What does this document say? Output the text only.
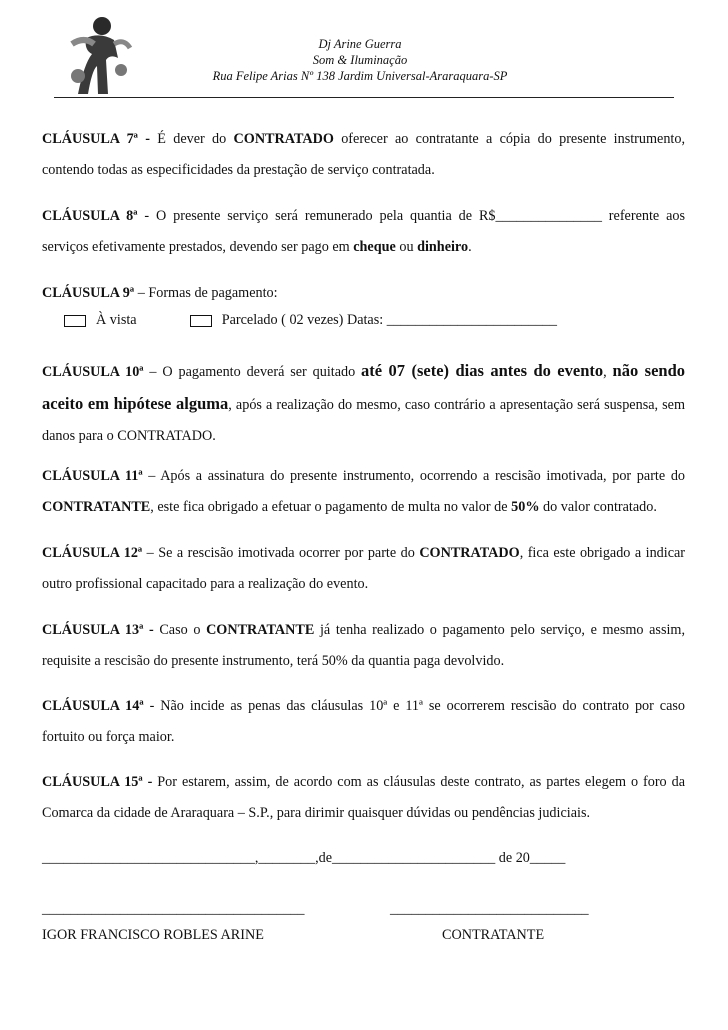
Dj Arine Guerra
Som & Iluminação
Rua Felipe Arias Nº 138 Jardim Universal-Araraquara-SP
CLÁUSULA 7ª - É dever do CONTRATADO oferecer ao contratante a cópia do presente instrumento, contendo todas as especificidades da prestação de serviço contratada.
CLÁUSULA 8ª - O presente serviço será remunerado pela quantia de R$_______________ referente aos serviços efetivamente prestados, devendo ser pago em cheque ou dinheiro.
CLÁUSULA 9ª – Formas de pagamento:
À vista	Parcelado ( 02 vezes) Datas: ________________________
CLÁUSULA 10ª – O pagamento deverá ser quitado até 07 (sete) dias antes do evento, não sendo aceito em hipótese alguma, após a realização do mesmo, caso contrário a apresentação será suspensa, sem danos para o CONTRATADO.
CLÁUSULA 11ª – Após a assinatura do presente instrumento, ocorrendo a rescisão imotivada, por parte do CONTRATANTE, este fica obrigado a efetuar o pagamento de multa no valor de 50% do valor contratado.
CLÁUSULA 12ª – Se a rescisão imotivada ocorrer por parte do CONTRATADO, fica este obrigado a indicar outro profissional capacitado para a realização do evento.
CLÁUSULA 13ª - Caso o CONTRATANTE já tenha realizado o pagamento pelo serviço, e mesmo assim, requisite a rescisão do presente instrumento, terá 50% da quantia paga devolvido.
CLÁUSULA 14ª - Não incide as penas das cláusulas 10ª e 11ª se ocorrerem rescisão do contrato por caso fortuito ou força maior.
CLÁUSULA 15ª - Por estarem, assim, de acordo com as cláusulas deste contrato, as partes elegem o foro da Comarca da cidade de Araraquara – S.P., para dirimir quaisquer dúvidas ou pendências judiciais.
______________________________,________,de_______________________ de 20_____
_____________________________________	____________________________
IGOR FRANCISCO ROBLES ARINE	CONTRATANTE
